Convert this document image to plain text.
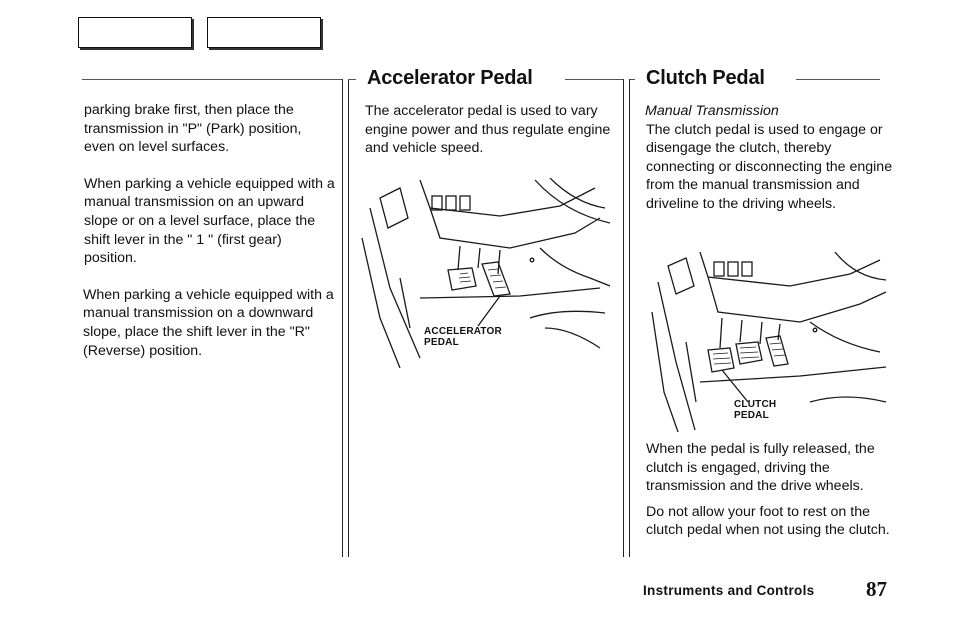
parking brake first, then place the transmission in "P" (Park) position, even on level surfaces.

When parking a vehicle equipped with a manual transmission on an upward slope or on a level surface, place the shift lever in the " 1 " (first gear) position.

When parking a vehicle equipped with a manual transmission on a downward slope, place the shift lever in the "R" (Reverse) position.

Accelerator Pedal
The accelerator pedal is used to vary engine power and thus regulate engine and vehicle speed.
ACCELERATOR
PEDAL
Clutch Pedal
Manual Transmission

The clutch pedal is used to engage or disengage the clutch, thereby connecting or disconnecting the engine from the manual transmission and driveline to the driving wheels.

CLUTCH
PEDAL

When the pedal is fully released, the clutch is engaged, driving the transmission and the drive wheels.

Do not allow your foot to rest on the clutch pedal when not using the clutch.

Instruments and Controls 87
